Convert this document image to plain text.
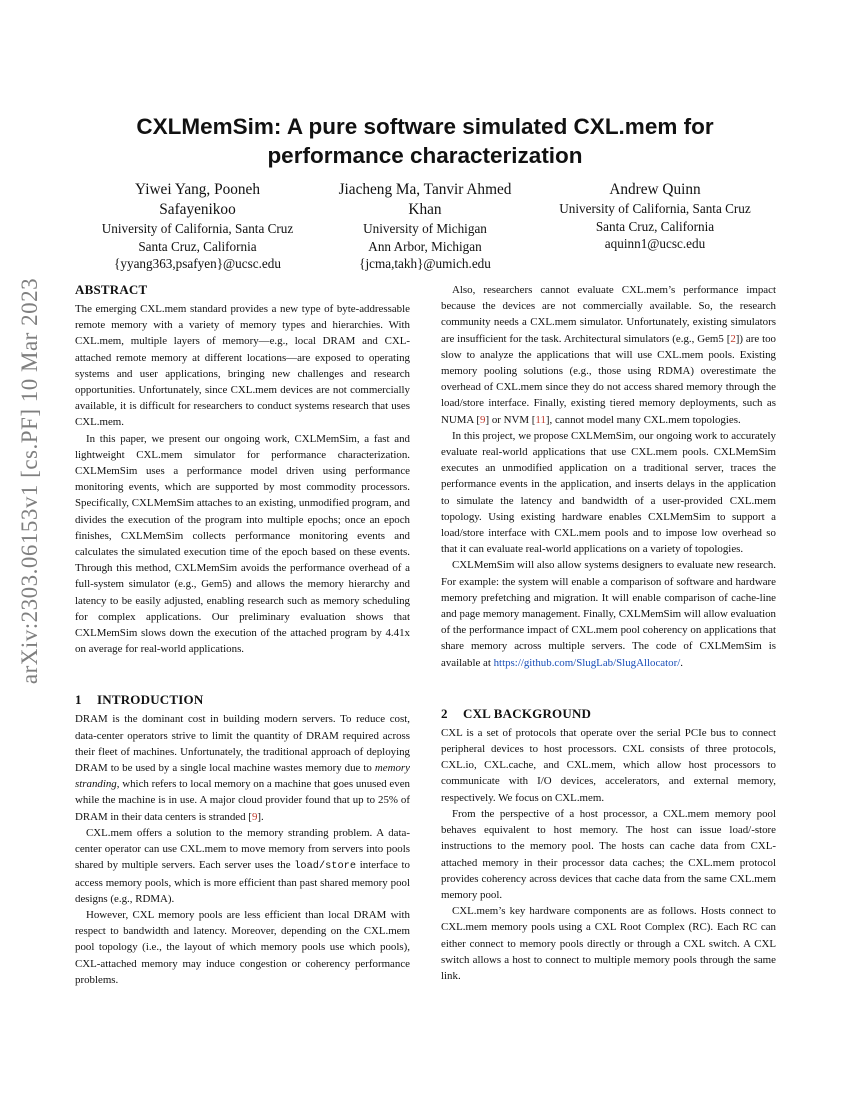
arXiv:2303.06153v1 [cs.PF] 10 Mar 2023
CXLMemSim: A pure software simulated CXL.mem for
performance characterization
Yiwei Yang, Pooneh
Safayenikoo
University of California, Santa Cruz
Santa Cruz, California
{yyang363,psafyen}@ucsc.edu
Jiacheng Ma, Tanvir Ahmed
Khan
University of Michigan
Ann Arbor, Michigan
{jcma,takh}@umich.edu
Andrew Quinn
University of California, Santa Cruz
Santa Cruz, California
aquinn1@ucsc.edu
ABSTRACT

The emerging CXL.mem standard provides a new type of byte-addressable remote memory with a variety of memory types and hierarchies. With CXL.mem, multiple layers of memory—e.g., local DRAM and CXL-attached remote memory at different locations—are exposed to operating systems and user applications, bringing new challenges and research opportunities. Unfortunately, since CXL.mem devices are not commercially available, it is difficult for researchers to conduct systems research that uses CXL.mem.

In this paper, we present our ongoing work, CXLMemSim, a fast and lightweight CXL.mem simulator for performance characterization. CXLMemSim uses a performance model driven using performance monitoring events, which are supported by most commodity processors. Specifically, CXLMemSim attaches to an existing, unmodified program, and divides the execution of the program into multiple epochs; once an epoch finishes, CXLMemSim collects performance monitoring events and calculates the simulated execution time of the epoch based on these events. Through this method, CXLMemSim avoids the performance overhead of a full-system simulator (e.g., Gem5) and allows the memory hierarchy and latency to be easily adjusted, enabling research such as memory scheduling for complex applications. Our preliminary evaluation shows that CXLMemSim slows down the execution of the attached program by 4.41x on average for real-world applications.

1 INTRODUCTION

DRAM is the dominant cost in building modern servers. To reduce cost, data-center operators strive to limit the quantity of DRAM required across their fleet of machines. Unfortunately, the traditional approach of deploying DRAM to be used by a single local machine wastes memory due to memory stranding, which refers to local memory on a machine that goes unused even while the machine is in use. A major cloud provider found that up to 25% of DRAM in their data centers is stranded [9].

CXL.mem offers a solution to the memory stranding problem. A data-center operator can use CXL.mem to move memory from servers into pools shared by multiple servers. Each server uses the load/store interface to access memory pools, which is more efficient than past shared memory pool designs (e.g., RDMA).

However, CXL memory pools are less efficient than local DRAM with respect to bandwidth and latency. Moreover, depending on the CXL.mem pool topology (i.e., the layout of which memory pools use which pools), CXL-attached memory may induce congestion or coherency performance problems.

Also, researchers cannot evaluate CXL.mem’s performance impact because the devices are not commercially available. So, the research community needs a CXL.mem simulator. Unfortunately, existing simulators are insufficient for the task. Architectural simulators (e.g., Gem5 [2]) are too slow to analyze the applications that will use CXL.mem pools. Existing memory pooling solutions (e.g., those using RDMA) overestimate the overhead of CXL.mem since they do not access shared memory through the load/store interface. Finally, existing tiered memory deployments, such as NUMA [9] or NVM [11], cannot model many CXL.mem topologies.

In this project, we propose CXLMemSim, our ongoing work to accurately evaluate real-world applications that use CXL.mem pools. CXLMemSim executes an unmodified application on a traditional server, traces the performance events in the application, and inserts delays in the application to simulate the latency and bandwidth of a user-provided CXL.mem topology. Using existing hardware enables CXLMemSim to support a load/store interface with CXL.mem pools and to impose low overhead so that it can evaluate real-world applications on a variety of topologies.

CXLMemSim will also allow systems designers to evaluate new research. For example: the system will enable a comparison of software and hardware memory prefetching and migration. It will enable comparison of cache-line and page memory management. Finally, CXLMemSim will allow evaluation of the performance impact of CXL.mem pool coherency on applications that share memory across multiple servers. The code of CXLMemSim is available at https://github.com/SlugLab/SlugAllocator/.

2 CXL BACKGROUND

CXL is a set of protocols that operate over the serial PCIe bus to connect peripheral devices to host processors. CXL consists of three protocols, CXL.io, CXL.cache, and CXL.mem, which allow host processors to communicate with I/O devices, accelerators, and external memory, respectively. We focus on CXL.mem.

From the perspective of a host processor, a CXL.mem memory pool behaves equivalent to host memory. The host can issue load/-store instructions to the memory pool. The hosts can cache data from CXL-attached memory in their processor data caches; the CXL.mem protocol provides coherency across devices that cache data from the same CXL.mem memory pool.

CXL.mem’s key hardware components are as follows. Hosts connect to CXL.mem memory pools using a CXL Root Complex (RC). Each RC can either connect to memory pools directly or through a CXL switch. A CXL switch allows a host to connect to multiple memory pools through the same link.
